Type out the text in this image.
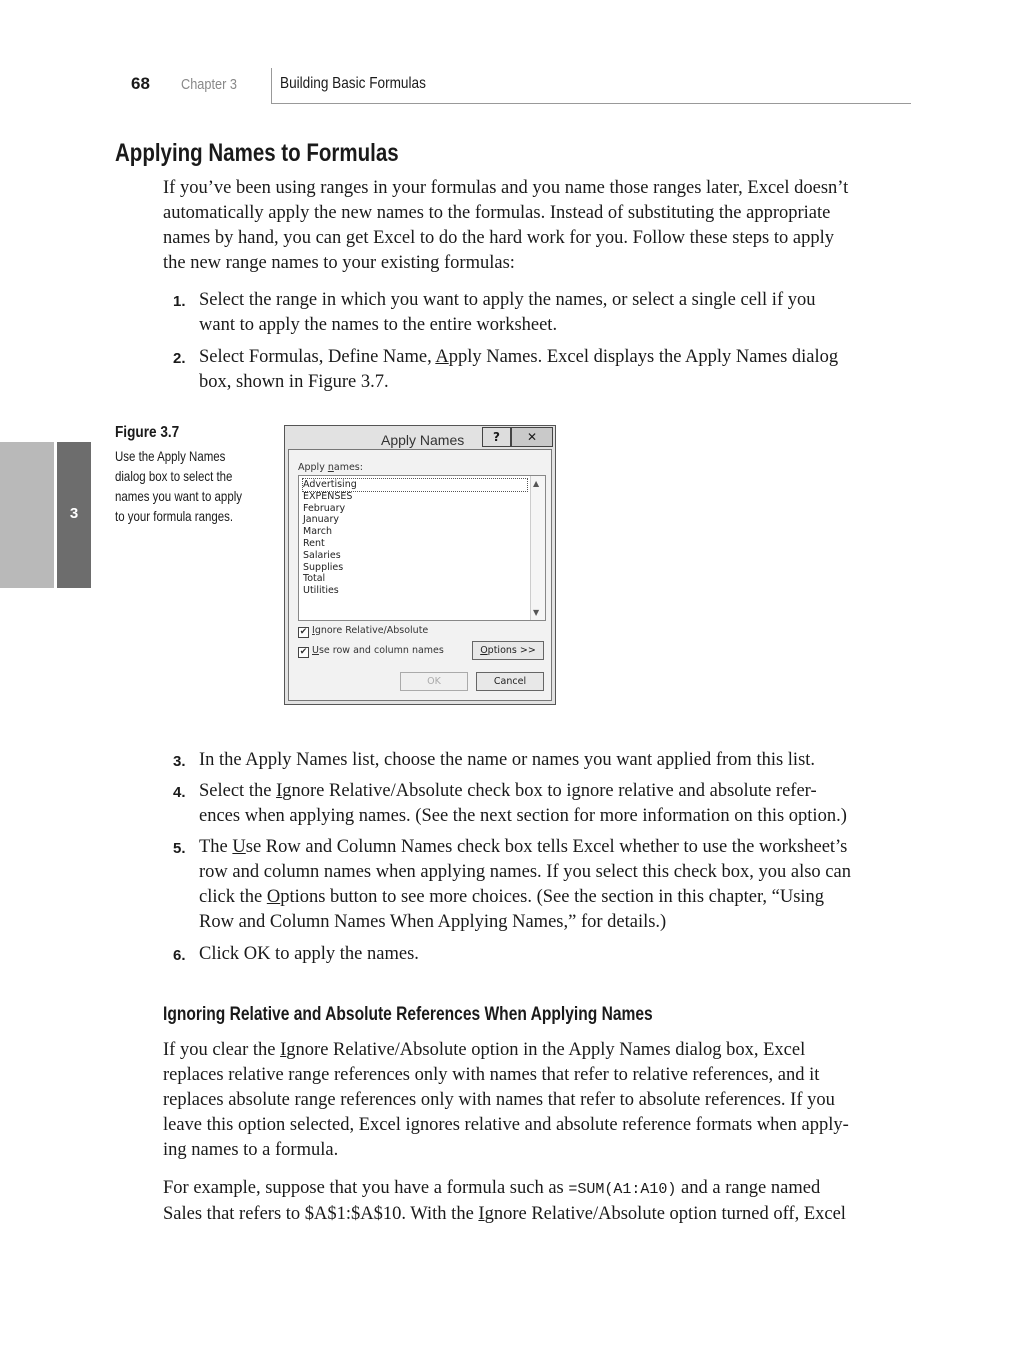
68 Chapter 3	Building Basic Formulas
3
Applying Names to Formulas
If you’ve been using ranges in your formulas and you name those ranges later, Excel doesn’t
automatically apply the new names to the formulas. Instead of substituting the appropriate
names by hand, you can get Excel to do the hard work for you. Follow these steps to apply
the new range names to your existing formulas:
1. Select the range in which you want to apply the names, or select a single cell if you
want to apply the names to the entire worksheet.
2. Select Formulas, Define Name, Apply Names. Excel displays the Apply Names dialog
box, shown in Figure 3.7.
Figure 3.7
Use the Apply Names dialog box to select the names you want to apply to your formula ranges.
Apply Names	?	✕
Apply names:
Advertising
EXPENSES
February
January
March
Rent
Salaries
Supplies
Total
Utilities
▲
▼
✔ Ignore Relative/Absolute
✔ Use row and column names	Options >>
OK	Cancel
3. In the Apply Names list, choose the name or names you want applied from this list.
4. Select the Ignore Relative/Absolute check box to ignore relative and absolute refer-
ences when applying names. (See the next section for more information on this option.)
5. The Use Row and Column Names check box tells Excel whether to use the worksheet’s
row and column names when applying names. If you select this check box, you also can
click the Options button to see more choices. (See the section in this chapter, “Using
Row and Column Names When Applying Names,” for details.)
6. Click OK to apply the names.
Ignoring Relative and Absolute References When Applying Names
If you clear the Ignore Relative/Absolute option in the Apply Names dialog box, Excel
replaces relative range references only with names that refer to relative references, and it
replaces absolute range references only with names that refer to absolute references. If you
leave this option selected, Excel ignores relative and absolute reference formats when apply-
ing names to a formula.
For example, suppose that you have a formula such as =SUM(A1:A10) and a range named
Sales that refers to $A$1:$A$10. With the Ignore Relative/Absolute option turned off, Excel
